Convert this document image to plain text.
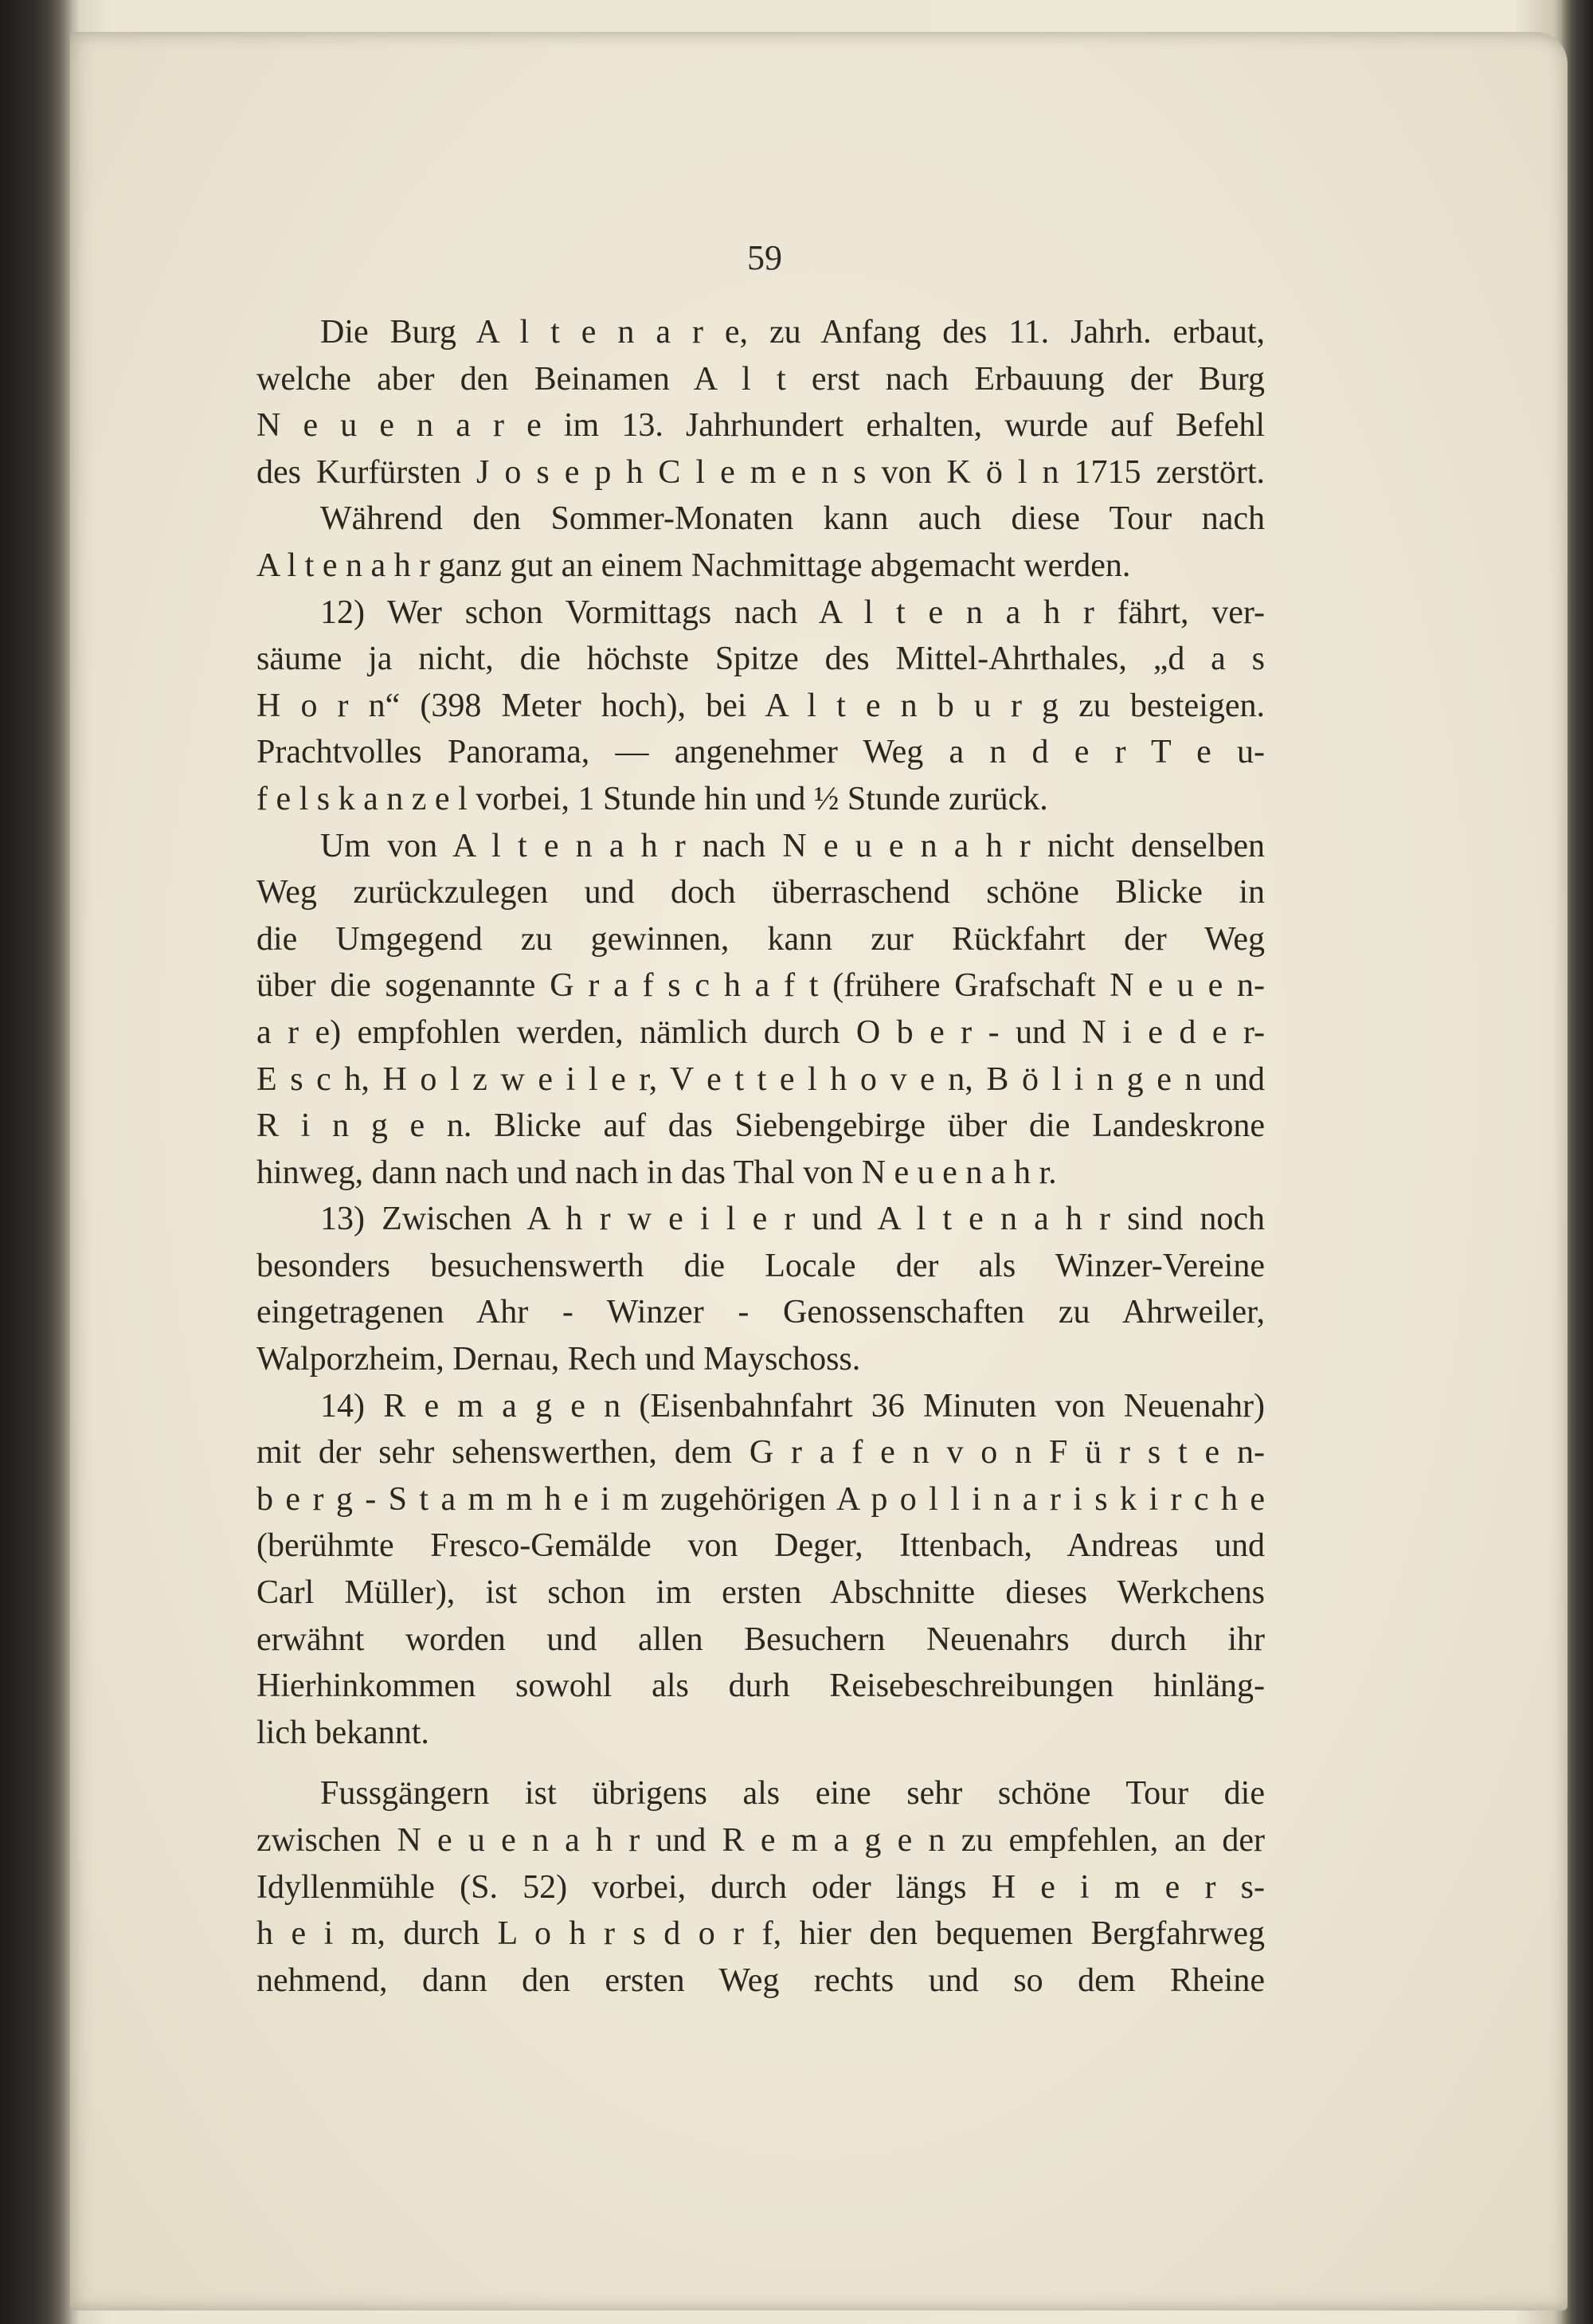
59
Die Burg A l t e n a r e, zu Anfang des 11. Jahrh. erbaut,
welche aber den Beinamen A l t erst nach Erbauung der Burg
N e u e n a r e im 13. Jahrhundert erhalten, wurde auf Befehl
des Kurfürsten J o s e p h C l e m e n s von K ö l n 1715 zerstört.
Während den Sommer-Monaten kann auch diese Tour nach
A l t e n a h r ganz gut an einem Nachmittage abgemacht werden.
12) Wer schon Vormittags nach A l t e n a h r fährt, ver-
säume ja nicht, die höchste Spitze des Mittel-Ahrthales, „d a s
H o r n“ (398 Meter hoch), bei A l t e n b u r g zu besteigen.
Prachtvolles Panorama, — angenehmer Weg a n d e r T e u-
f e l s k a n z e l vorbei, 1 Stunde hin und ½ Stunde zurück.
Um von A l t e n a h r nach N e u e n a h r nicht denselben
Weg zurückzulegen und doch überraschend schöne Blicke in
die Umgegend zu gewinnen, kann zur Rückfahrt der Weg
über die sogenannte G r a f s c h a f t (frühere Grafschaft N e u e n-
a r e) empfohlen werden, nämlich durch O b e r - und N i e d e r-
E s c h, H o l z w e i l e r, V e t t e l h o v e n, B ö l i n g e n und
R i n g e n. Blicke auf das Siebengebirge über die Landeskrone
hinweg, dann nach und nach in das Thal von N e u e n a h r.
13) Zwischen A h r w e i l e r und A l t e n a h r sind noch
besonders besuchenswerth die Locale der als Winzer-Vereine
eingetragenen Ahr - Winzer - Genossenschaften zu Ahrweiler,
Walporzheim, Dernau, Rech und Mayschoss.
14) R e m a g e n (Eisenbahnfahrt 36 Minuten von Neuenahr)
mit der sehr sehenswerthen, dem G r a f e n v o n F ü r s t e n-
b e r g - S t a m m h e i m zugehörigen A p o l l i n a r i s k i r c h e
(berühmte Fresco-Gemälde von Deger, Ittenbach, Andreas und
Carl Müller), ist schon im ersten Abschnitte dieses Werkchens
erwähnt worden und allen Besuchern Neuenahrs durch ihr
Hierhinkommen sowohl als durh Reisebeschreibungen hinläng-
lich bekannt.
Fussgängern ist übrigens als eine sehr schöne Tour die
zwischen N e u e n a h r und R e m a g e n zu empfehlen, an der
Idyllenmühle (S. 52) vorbei, durch oder längs H e i m e r s-
h e i m, durch L o h r s d o r f, hier den bequemen Bergfahrweg
nehmend, dann den ersten Weg rechts und so dem Rheine
